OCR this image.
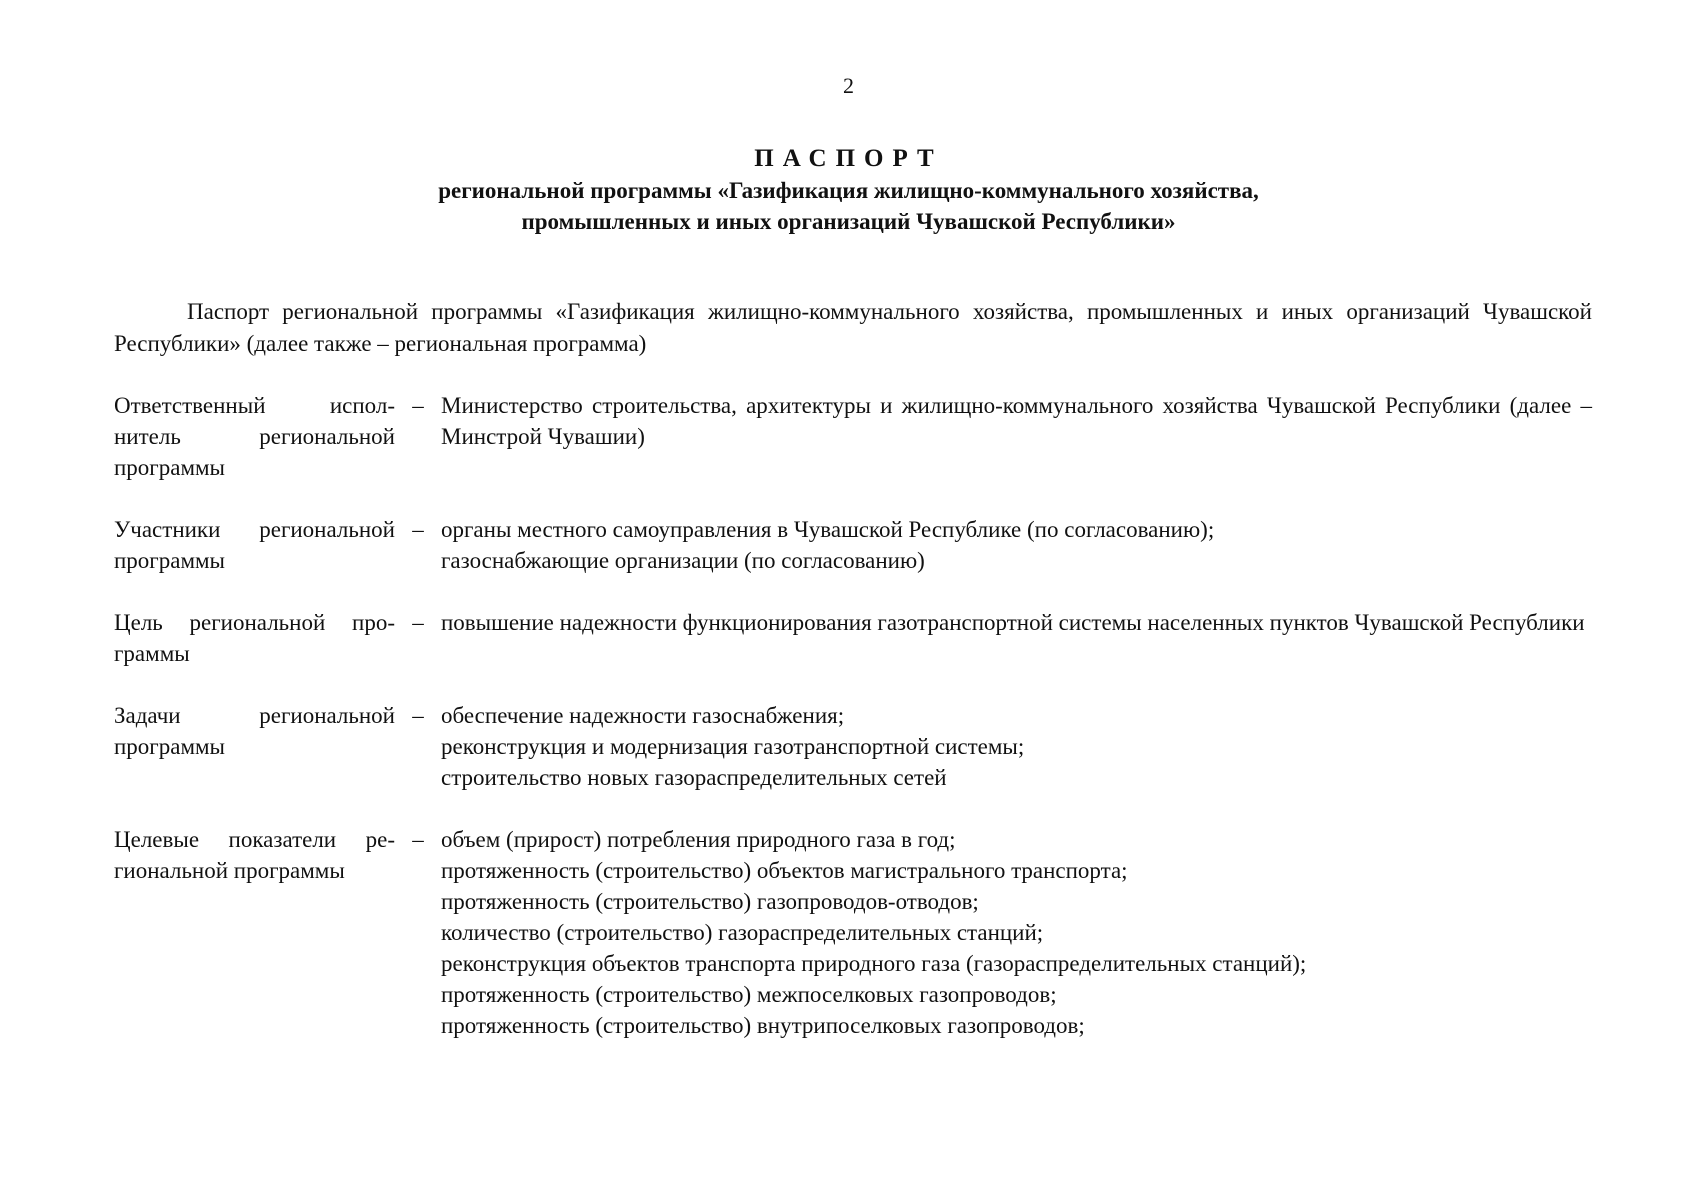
2
ПАСПОРТ
региональной программы «Газификация жилищно-коммунального хозяйства,
промышленных и иных организаций Чувашской Республики»
Паспорт региональной программы «Газификация жилищно-коммунального хозяйства, промышленных и иных организаций Чувашской Республики» (далее также – региональная программа)
Ответственный исполнитель региональной программы
– Министерство строительства, архитектуры и жилищно-коммунального хозяйства Чувашской Республики (далее – Минстрой Чувашии)
Участники региональной программы
– органы местного самоуправления в Чувашской Республике (по согласованию);
газоснабжающие организации (по согласованию)
Цель региональной программы
– повышение надежности функционирования газотранспортной системы населенных пунктов Чувашской Республики
Задачи региональной программы
– обеспечение надежности газоснабжения;
реконструкция и модернизация газотранспортной системы;
строительство новых газораспределительных сетей
Целевые показатели региональной программы
– объем (прирост) потребления природного газа в год;
протяженность (строительство) объектов магистрального транспорта;
протяженность (строительство) газопроводов-отводов;
количество (строительство) газораспределительных станций;
реконструкция объектов транспорта природного газа (газораспределительных станций);
протяженность (строительство) межпоселковых газопроводов;
протяженность (строительство) внутрипоселковых газопроводов;
